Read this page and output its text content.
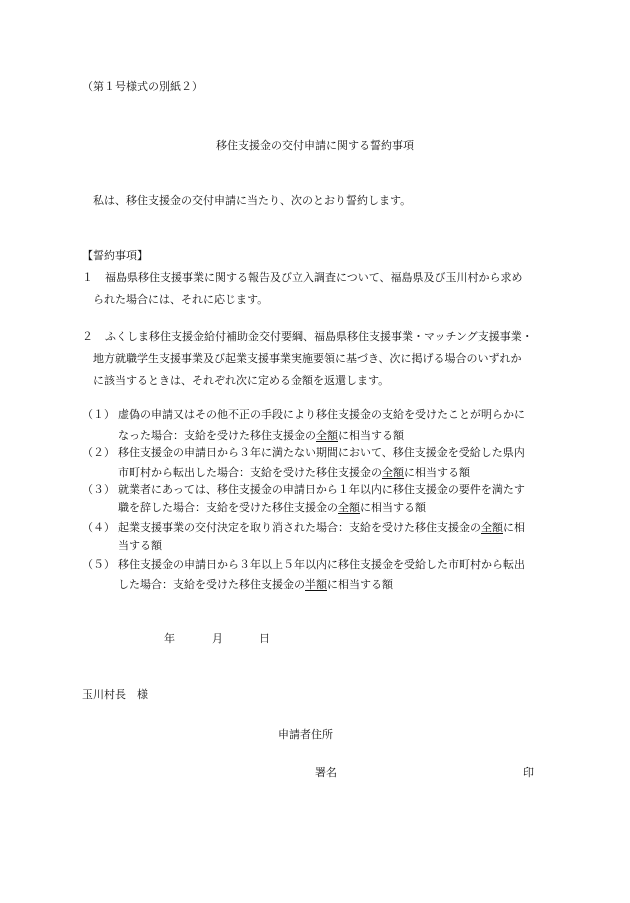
（第１号様式の別紙２）
移住支援金の交付申請に関する誓約事項
私は、移住支援金の交付申請に当たり、次のとおり誓約します。
【誓約事項】
１ 福島県移住支援事業に関する報告及び立入調査について、福島県及び玉川村から求め
られた場合には、それに応じます。
２ ふくしま移住支援金給付補助金交付要綱、福島県移住支援事業・マッチング支援事業・
地方就職学生支援事業及び起業支援事業実施要領に基づき、次に掲げる場合のいずれか
に該当するときは、それぞれ次に定める金額を返還します。
（１） 虚偽の申請又はその他不正の手段により移住支援金の支給を受けたことが明らかに
なった場合：支給を受けた移住支援金の全額に相当する額
（２） 移住支援金の申請日から３年に満たない期間において、移住支援金を受給した県内
市町村から転出した場合：支給を受けた移住支援金の全額に相当する額
（３） 就業者にあっては、移住支援金の申請日から１年以内に移住支援金の要件を満たす
職を辞した場合：支給を受けた移住支援金の全額に相当する額
（４） 起業支援事業の交付決定を取り消された場合：支給を受けた移住支援金の全額に相
当する額
（５） 移住支援金の申請日から３年以上５年以内に移住支援金を受給した市町村から転出
した場合：支給を受けた移住支援金の半額に相当する額
年	月	日
玉川村長　様
申請者住所
署名	印
